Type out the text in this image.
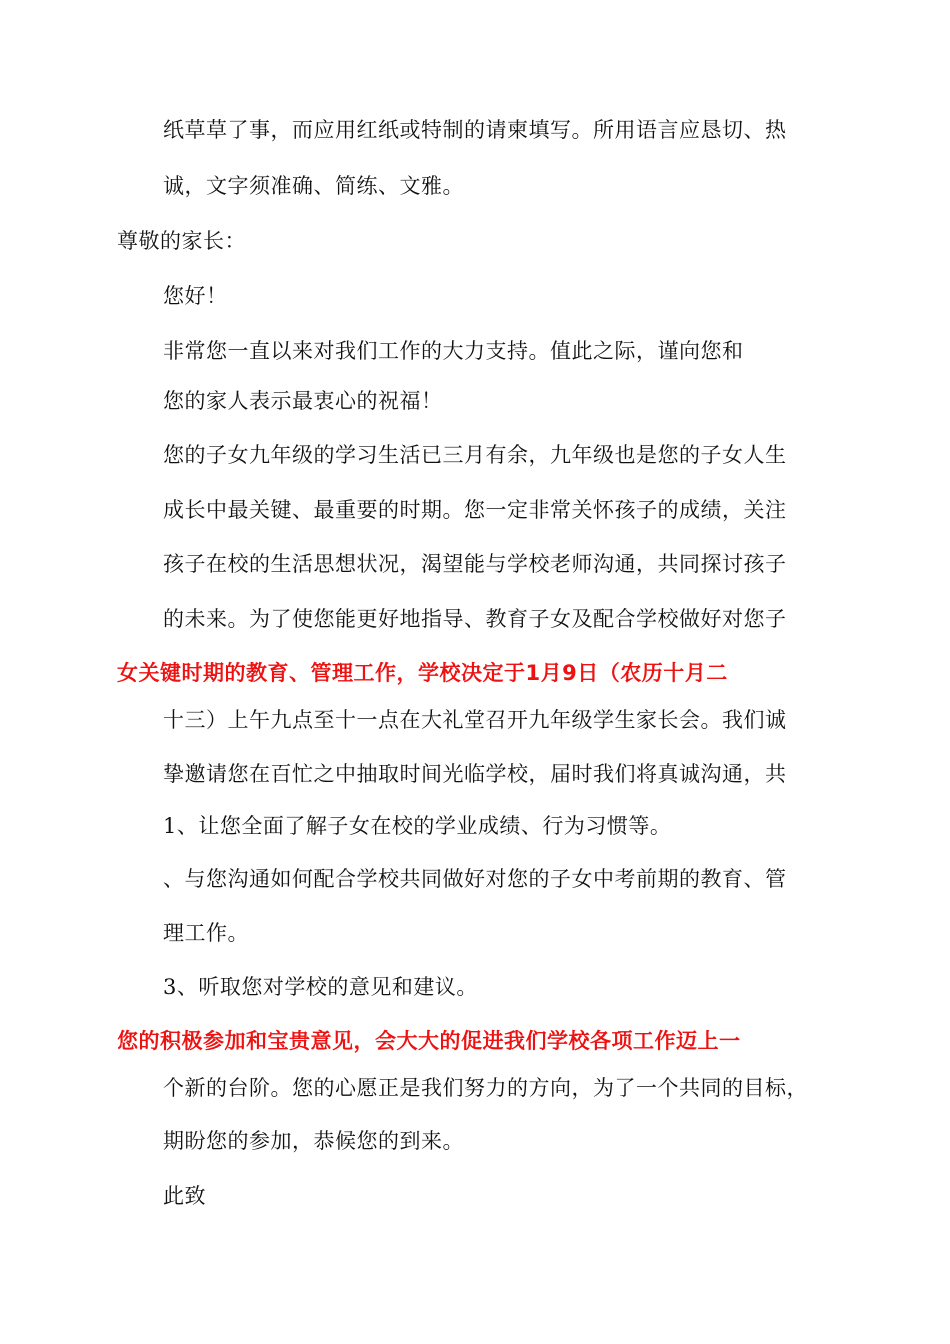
纸草草了事，而应用红纸或特制的请柬填写。所用语言应恳切、热
诚，文字须准确、简练、文雅。
尊敬的家长：
您好！
非常您一直以来对我们工作的大力支持。值此之际，谨向您和
您的家人表示最衷心的祝福！
您的子女九年级的学习生活已三月有余，九年级也是您的子女人生
成长中最关键、最重要的时期。您一定非常关怀孩子的成绩，关注
孩子在校的生活思想状况，渴望能与学校老师沟通，共同探讨孩子
的未来。为了使您能更好地指导、教育子女及配合学校做好对您子
女关键时期的教育、管理工作，学校决定于1月9日（农历十月二
十三）上午九点至十一点在大礼堂召开九年级学生家长会。我们诚
挚邀请您在百忙之中抽取时间光临学校，届时我们将真诚沟通，共
1、让您全面了解子女在校的学业成绩、行为习惯等。
、与您沟通如何配合学校共同做好对您的子女中考前期的教育、管
理工作。
3、听取您对学校的意见和建议。
您的积极参加和宝贵意见，会大大的促进我们学校各项工作迈上一
个新的台阶。您的心愿正是我们努力的方向，为了一个共同的目标，
期盼您的参加，恭候您的到来。
此致
